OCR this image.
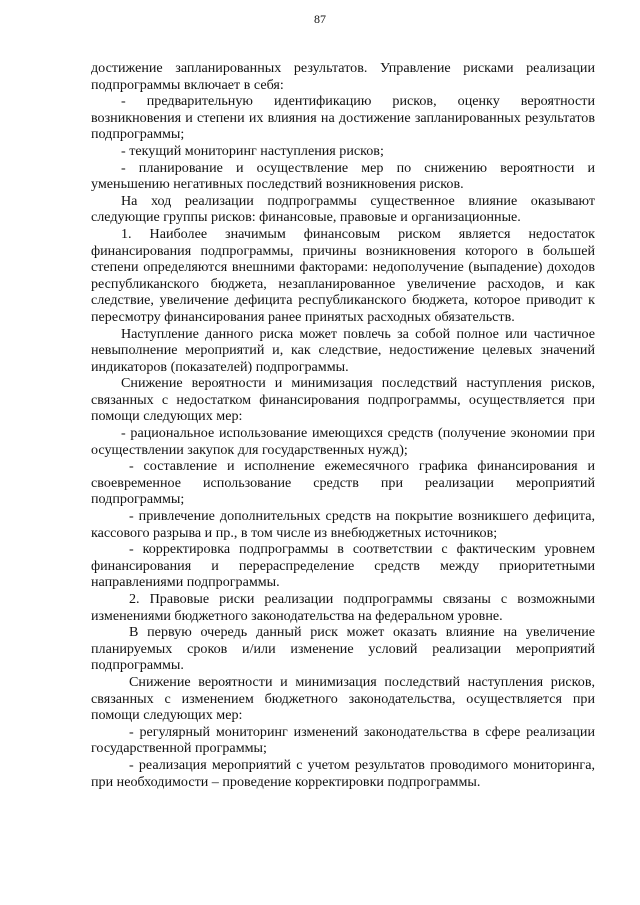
87

достижение запланированных результатов. Управление рисками реализации подпрограммы включает в себя:

- предварительную идентификацию рисков, оценку вероятности возникновения и степени их влияния на достижение запланированных результатов подпрограммы;

- текущий мониторинг наступления рисков;

- планирование и осуществление мер по снижению вероятности и уменьшению негативных последствий возникновения рисков.

На ход реализации подпрограммы существенное влияние оказывают следующие группы рисков: финансовые, правовые и организационные.

1. Наиболее значимым финансовым риском является недостаток финансирования подпрограммы, причины возникновения которого в большей степени определяются внешними факторами: недополучение (выпадение) доходов республиканского бюджета, незапланированное увеличение расходов, и как следствие, увеличение дефицита республиканского бюджета, которое приводит к пересмотру финансирования ранее принятых расходных обязательств.

Наступление данного риска может повлечь за собой полное или частичное невыполнение мероприятий и, как следствие, недостижение целевых значений индикаторов (показателей) подпрограммы.

Снижение вероятности и минимизация последствий наступления рисков, связанных с недостатком финансирования подпрограммы, осуществляется при помощи следующих мер:

- рациональное использование имеющихся средств (получение экономии при осуществлении закупок для государственных нужд);

- составление и исполнение ежемесячного графика финансирования и своевременное использование средств при реализации мероприятий подпрограммы;

- привлечение дополнительных средств на покрытие возникшего дефицита, кассового разрыва и пр., в том числе из внебюджетных источников;

- корректировка подпрограммы в соответствии с фактическим уровнем финансирования и перераспределение средств между приоритетными направлениями подпрограммы.

2. Правовые риски реализации подпрограммы связаны с возможными изменениями бюджетного законодательства на федеральном уровне.

В первую очередь данный риск может оказать влияние на увеличение планируемых сроков и/или изменение условий реализации мероприятий подпрограммы.

Снижение вероятности и минимизация последствий наступления рисков, связанных с изменением бюджетного законодательства, осуществляется при помощи следующих мер:

- регулярный мониторинг изменений законодательства в сфере реализации государственной программы;

- реализация мероприятий с учетом результатов проводимого мониторинга, при необходимости – проведение корректировки подпрограммы.
